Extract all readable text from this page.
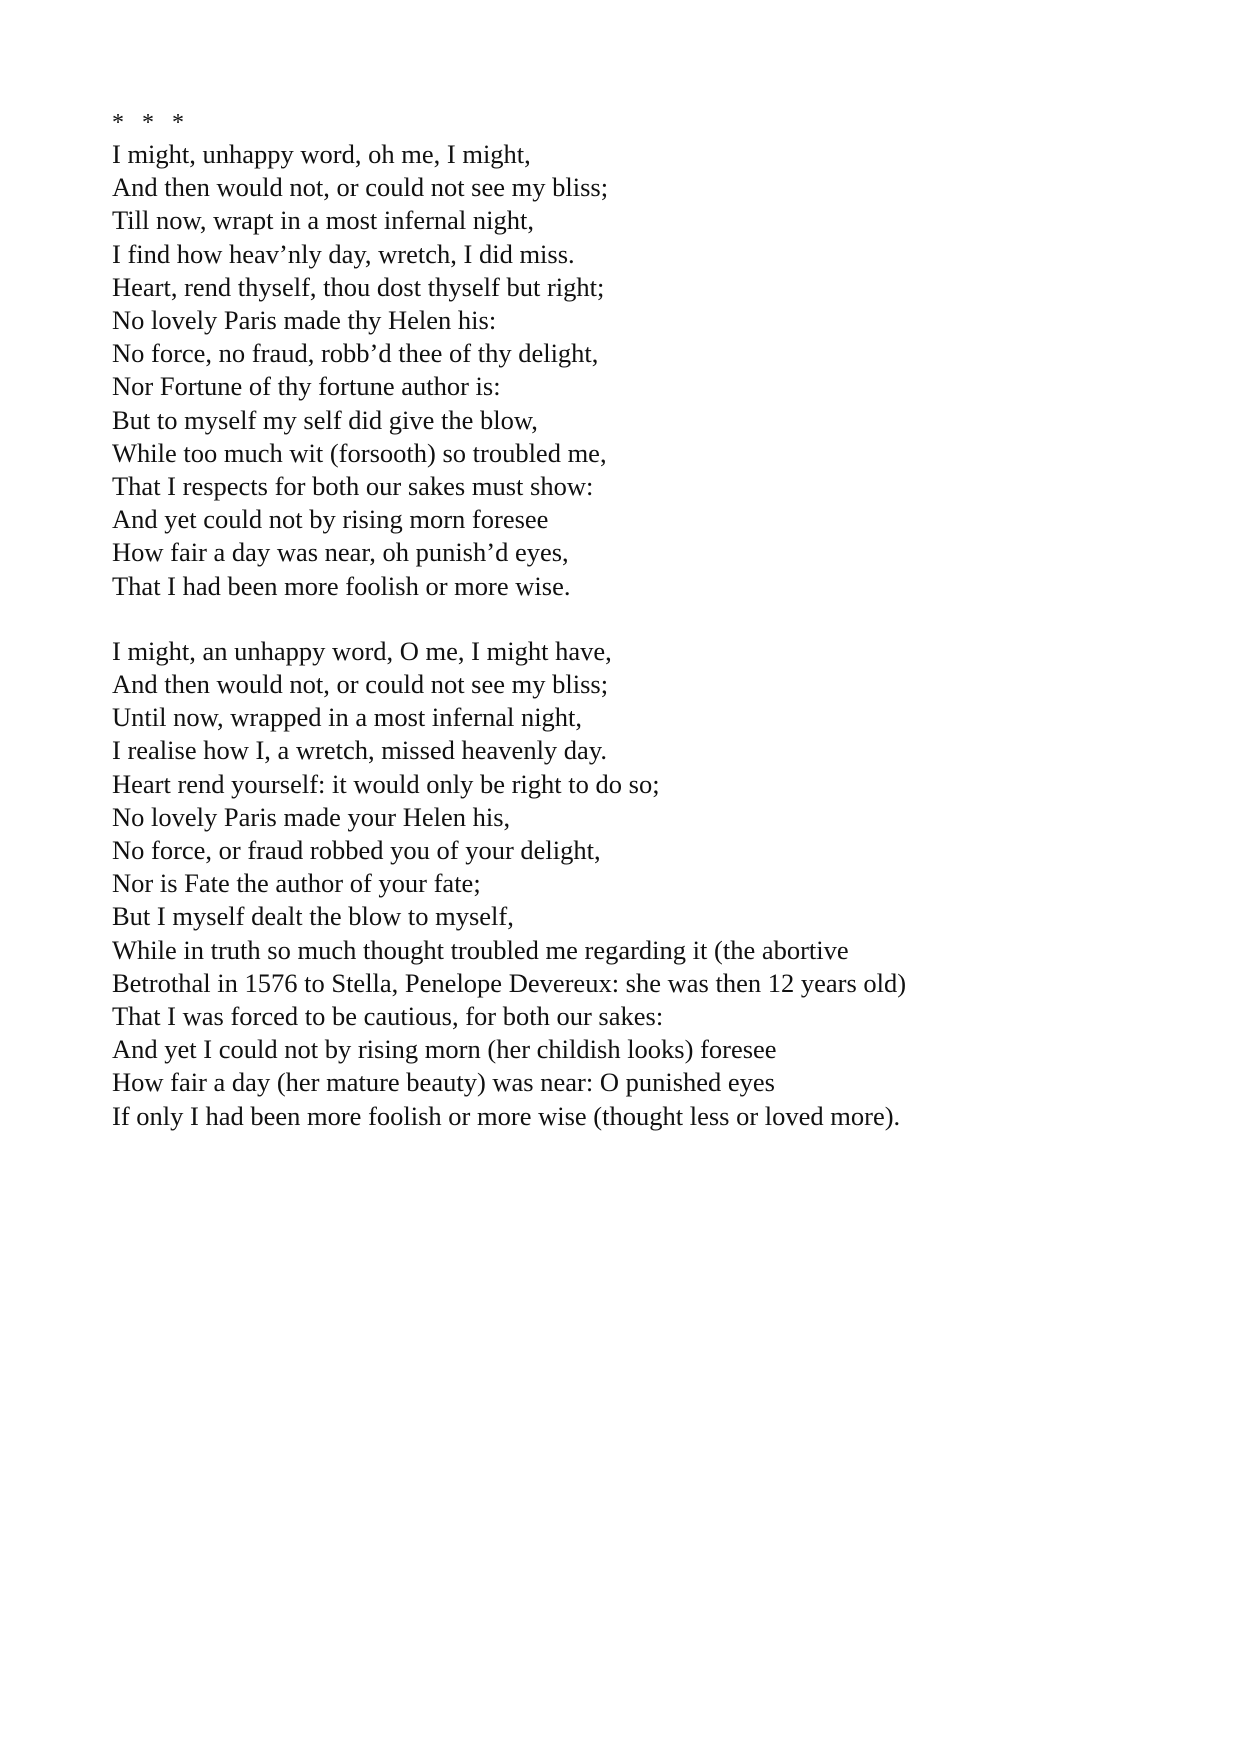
*   *   *
I might, unhappy word, oh me, I might,
And then would not, or could not see my bliss;
Till now, wrapt in a most infernal night,
I find how heav’nly day, wretch, I did miss.
Heart, rend thyself, thou dost thyself but right;
No lovely Paris made thy Helen his:
No force, no fraud, robb’d thee of thy delight,
Nor Fortune of thy fortune author is:
But to myself my self did give the blow,
While too much wit (forsooth) so troubled me,
That I respects for both our sakes must show:
And yet could not by rising morn foresee
How fair a day was near, oh punish’d eyes,
That I had been more foolish or more wise.
I might, an unhappy word, O me, I might have,
And then would not, or could not see my bliss;
Until now, wrapped in a most infernal night,
I realise how I, a wretch, missed heavenly day.
Heart rend yourself: it would only be right to do so;
No lovely Paris made your Helen his,
No force, or fraud robbed you of your delight,
Nor is Fate the author of your fate;
But I myself dealt the blow to myself,
While in truth so much thought troubled me regarding it (the abortive
Betrothal in 1576 to Stella, Penelope Devereux: she was then 12 years old)
That I was forced to be cautious, for both our sakes:
And yet I could not by rising morn (her childish looks) foresee
How fair a day (her mature beauty) was near: O punished eyes
If only I had been more foolish or more wise (thought less or loved more).
